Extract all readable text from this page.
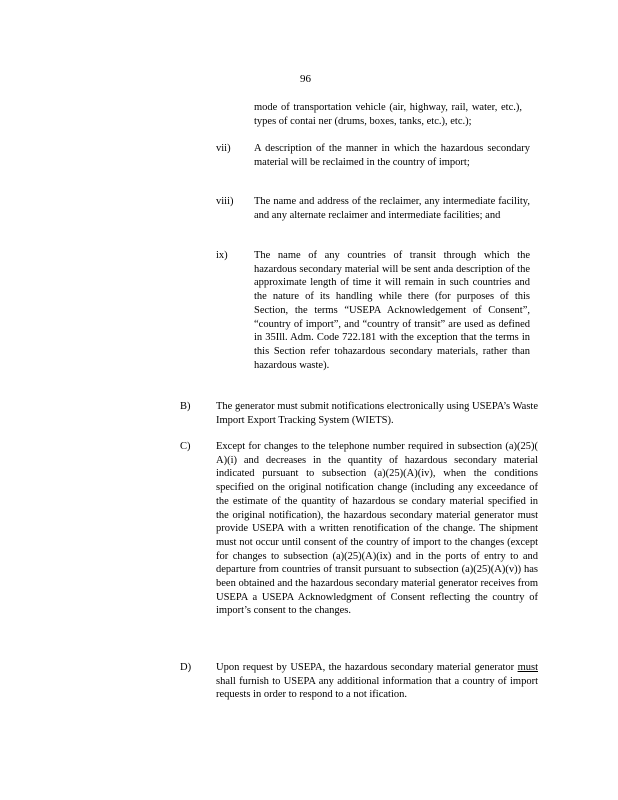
96
mode of transportation vehicle (air, highway, rail, water, etc.), types of contai ner (drums, boxes, tanks, etc.), etc.);
vii) A description of the manner in which the hazardous secondary material will be reclaimed in the country of import;
viii) The name and address of the reclaimer, any intermediate facility, and any alternate reclaimer and intermediate facilities; and
ix)	The name of any countries of transit through which the hazardous secondary material will be sent anda description of the approximate length of time it will remain in such countries and the nature of its handling while there (for purposes of this Section, the terms “USEPA Acknowledgement of Consent”, “country of import”, and “country of transit” are used as defined in 35Ill. Adm. Code 722.181 with the exception that the terms in this Section refer tohazardous secondary materials, rather than hazardous waste).
B) The generator must submit notifications electronically using USEPA’s Waste Import Export Tracking System (WIETS).
C) Except for changes to the telephone number required in subsection (a)(25)( A)(i) and decreases in the quantity of hazardous secondary material indicated pursuant to subsection (a)(25)(A)(iv), when the conditions specified on the original notification change (including any exceedance of the estimate of the quantity of hazardous se condary material specified in the original notification), the hazardous secondary material generator must provide USEPA with a written renotification of the change. The shipment must not occur until consent of the country of import to the changes (except for changes to subsection (a)(25)(A)(ix) and in the ports of entry to and departure from countries of transit pursuant to subsection (a)(25)(A)(v)) has been obtained and the hazardous secondary material generator receives from USEPA a USEPA Acknowledgment of Consent reflecting the country of import’s consent to the changes.
D) Upon request by USEPA, the hazardous secondary material generator must shall furnish to USEPA any additional information that a country of import requests in order to respond to a not ification.
